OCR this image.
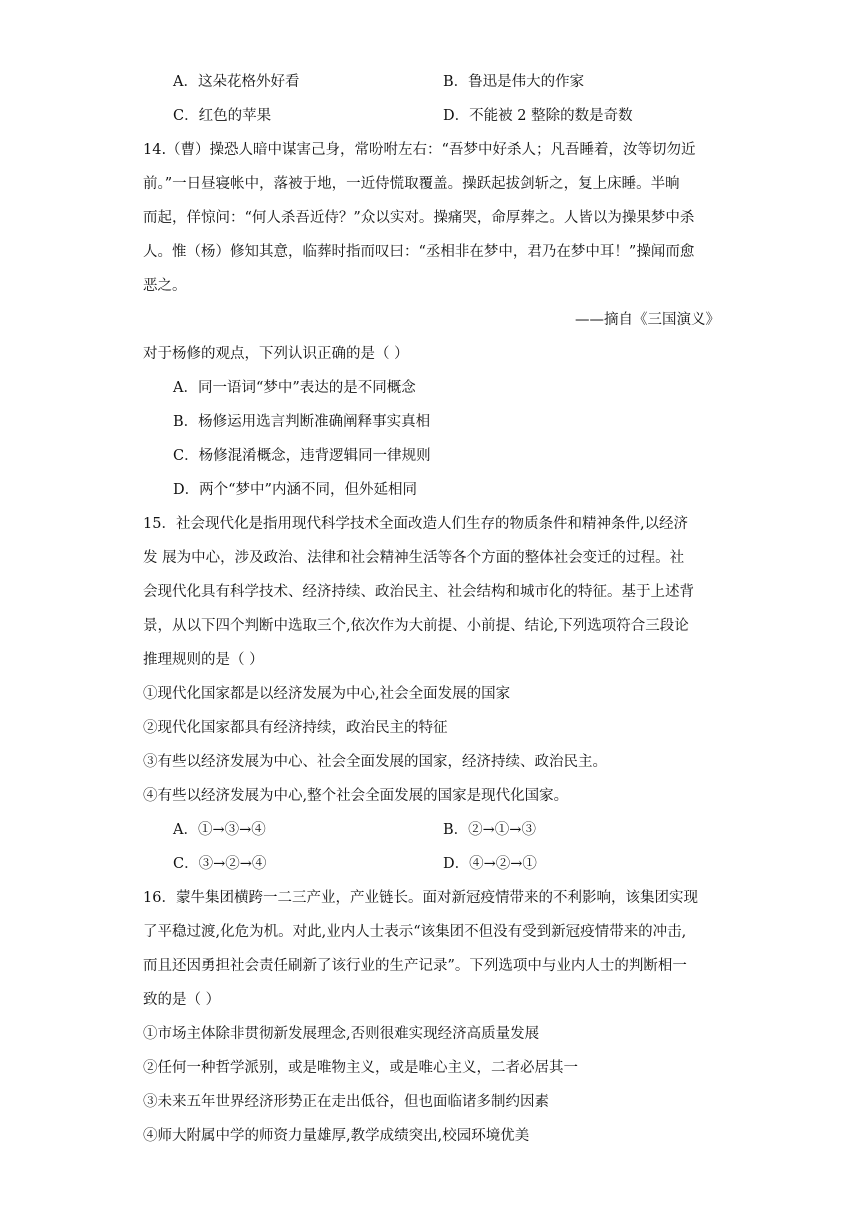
A．这朵花格外好看	B．鲁迅是伟大的作家
C．红色的苹果	D．不能被 2 整除的数是奇数
14.（曹）操恐人暗中谋害己身，常吩咐左右：“吾梦中好杀人；凡吾睡着，汝等切勿近
前。”一日昼寝帐中，落被于地，一近侍慌取覆盖。操跃起拔剑斩之，复上床睡。半晌
而起，佯惊问：“何人杀吾近侍？”众以实对。操痛哭，命厚葬之。人皆以为操果梦中杀
人。惟（杨）修知其意，临葬时指而叹曰：“丞相非在梦中，君乃在梦中耳！”操闻而愈
恶之。
——摘自《三国演义》
对于杨修的观点，下列认识正确的是（ ）
A．同一语词“梦中”表达的是不同概念
B．杨修运用选言判断准确阐释事实真相
C．杨修混淆概念，违背逻辑同一律规则
D．两个“梦中”内涵不同，但外延相同
15．社会现代化是指用现代科学技术全面改造人们生存的物质条件和精神条件,以经济
发 展为中心，涉及政治、法律和社会精神生活等各个方面的整体社会变迁的过程。社
会现代化具有科学技术、经济持续、政治民主、社会结构和城市化的特征。基于上述背
景，从以下四个判断中选取三个,依次作为大前提、小前提、结论,下列选项符合三段论
推理规则的是（ ）
①现代化国家都是以经济发展为中心,社会全面发展的国家
②现代化国家都具有经济持续，政治民主的特征
③有些以经济发展为中心、社会全面发展的国家，经济持续、政治民主。
④有些以经济发展为中心,整个社会全面发展的国家是现代化国家。
A．①→③→④	B．②→①→③
C．③→②→④	D．④→②→①
16．蒙牛集团横跨一二三产业，产业链长。面对新冠疫情带来的不利影响，该集团实现
了平稳过渡,化危为机。对此,业内人士表示“该集团不但没有受到新冠疫情带来的冲击,
而且还因勇担社会责任刷新了该行业的生产记录”。下列选项中与业内人士的判断相一
致的是（ ）
①市场主体除非贯彻新发展理念,否则很难实现经济高质量发展
②任何一种哲学派别，或是唯物主义，或是唯心主义，二者必居其一
③未来五年世界经济形势正在走出低谷，但也面临诸多制约因素
④师大附属中学的师资力量雄厚,教学成绩突出,校园环境优美
